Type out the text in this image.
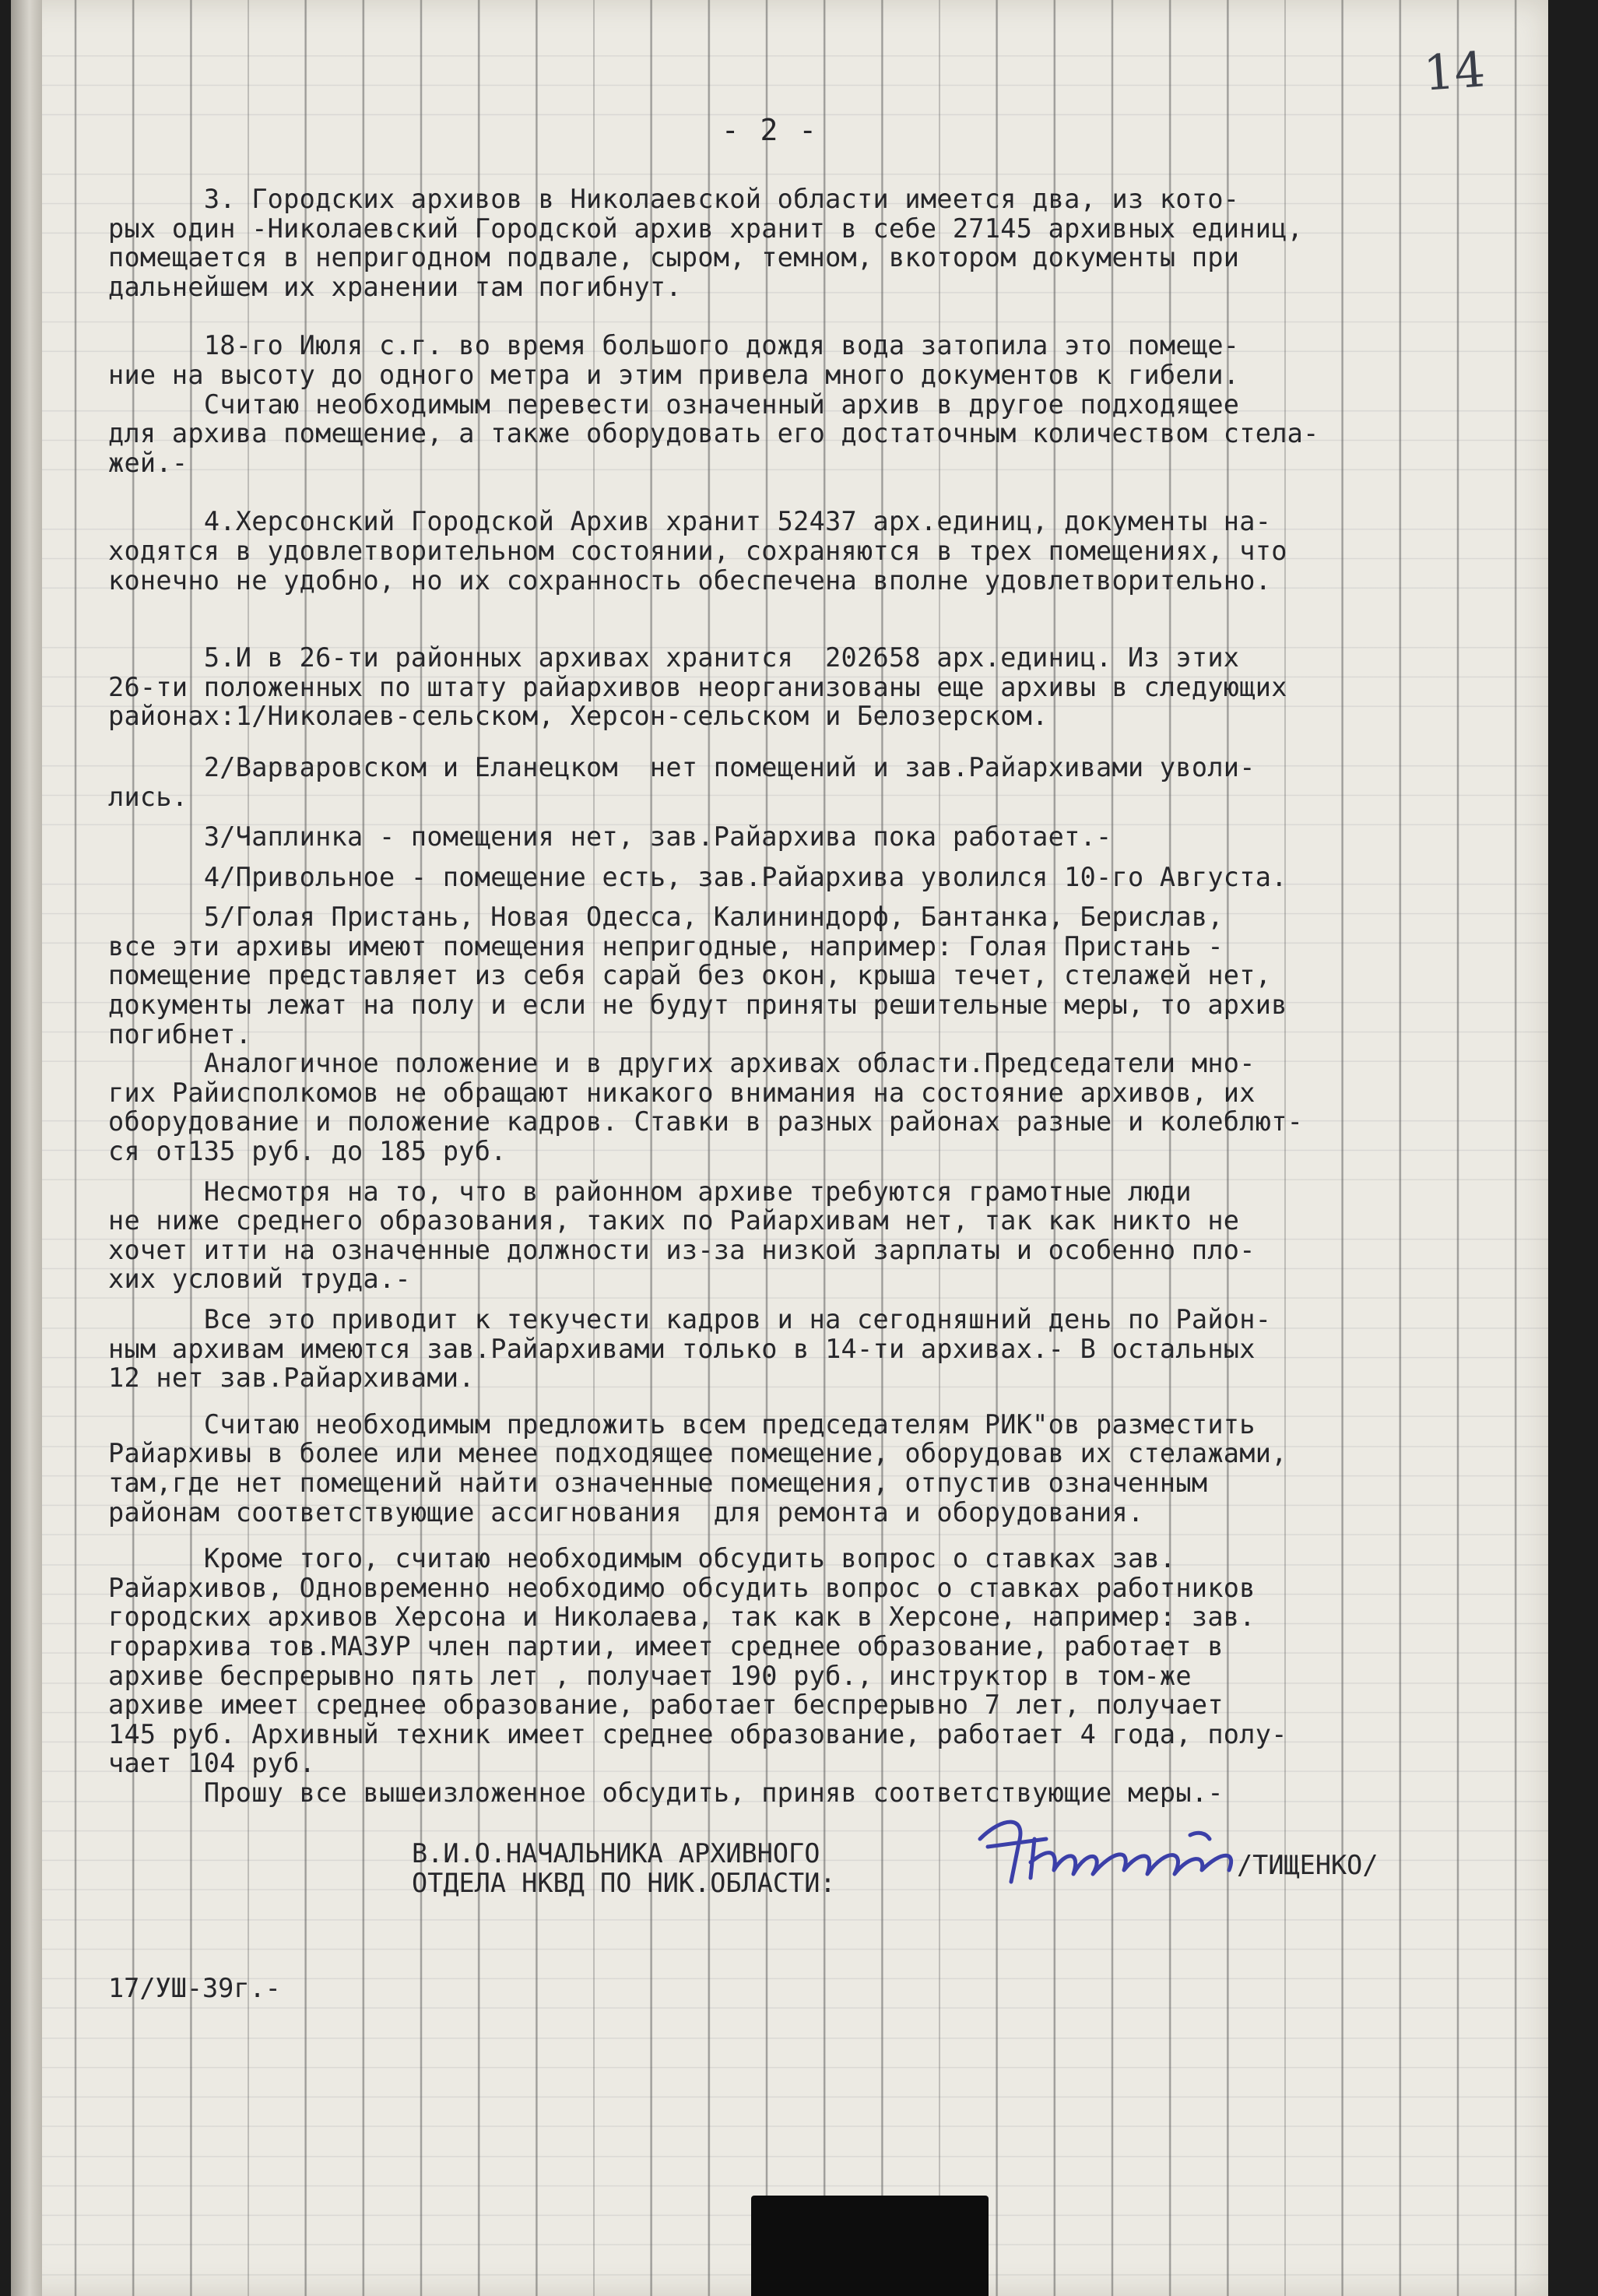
14
- 2 -
3. Городских архивов в Николаевской области имеется два, из кото-
рых один -Николаевский Городской архив хранит в себе 27145 архивных единиц,
помещается в непригодном подвале, сыром, темном, вкотором документы при
дальнейшем их хранении там погибнут.
18-го Июля с.г. во время большого дождя вода затопила это помеще-
ние на высоту до одного метра и этим привела много документов к гибели.
Считаю необходимым перевести означенный архив в другое подходящее
для архива помещение, а также оборудовать его достаточным количеством стела-
жей.-
4.Херсонский Городской Архив хранит 52437 арх.единиц, документы на-
ходятся в удовлетворительном состоянии, сохраняются в трех помещениях, что
конечно не удобно, но их сохранность обеспечена вполне удовлетворительно.
5.И в 26-ти районных архивах хранится  202658 арх.единиц. Из этих
26-ти положенных по штату райархивов неорганизованы еще архивы в следующих
районах:1/Николаев-сельском, Херсон-сельском и Белозерском.
2/Варваровском и Еланецком  нет помещений и зав.Райархивами уволи-
лись.
3/Чаплинка - помещения нет, зав.Райархива пока работает.-
4/Привольное - помещение есть, зав.Райархива уволился 10-го Августа.
5/Голая Пристань, Новая Одесса, Калининдорф, Бантанка, Берислав,
все эти архивы имеют помещения непригодные, например: Голая Пристань -
помещение представляет из себя сарай без окон, крыша течет, стелажей нет,
документы лежат на полу и если не будут приняты решительные меры, то архив
погибнет.
Аналогичное положение и в других архивах области.Председатели мно-
гих Райисполкомов не обращают никакого внимания на состояние архивов, их
оборудование и положение кадров. Ставки в разных районах разные и колеблют-
ся от135 руб. до 185 руб.
Несмотря на то, что в районном архиве требуются грамотные люди
не ниже среднего образования, таких по Райархивам нет, так как никто не
хочет итти на означенные должности из-за низкой зарплаты и особенно пло-
хих условий труда.-
Все это приводит к текучести кадров и на сегодняшний день по Район-
ным архивам имеются зав.Райархивами только в 14-ти архивах.- В остальных
12 нет зав.Райархивами.
Считаю необходимым предложить всем председателям РИК"ов разместить
Райархивы в более или менее подходящее помещение, оборудовав их стелажами,
там,где нет помещений найти означенные помещения, отпустив означенным
районам соответствующие ассигнования  для ремонта и оборудования.
Кроме того, считаю необходимым обсудить вопрос о ставках зав.
Райархивов, Одновременно необходимо обсудить вопрос о ставках работников
городских архивов Херсона и Николаева, так как в Херсоне, например: зав.
горархива тов.МАЗУР член партии, имеет среднее образование, работает в
архиве беспрерывно пять лет , получает 190 руб., инструктор в том-же
архиве имеет среднее образование, работает беспрерывно 7 лет, получает
145 руб. Архивный техник имеет среднее образование, работает 4 года, полу-
чает 104 руб.
Прошу все вышеизложенное обсудить, приняв соответствующие меры.-
В.И.О.НАЧАЛЬНИКА АРХИВНОГО
ОТДЕЛА НКВД ПО НИК.ОБЛАСТИ:
/ТИЩЕНКО/
17/УШ-39г.-
